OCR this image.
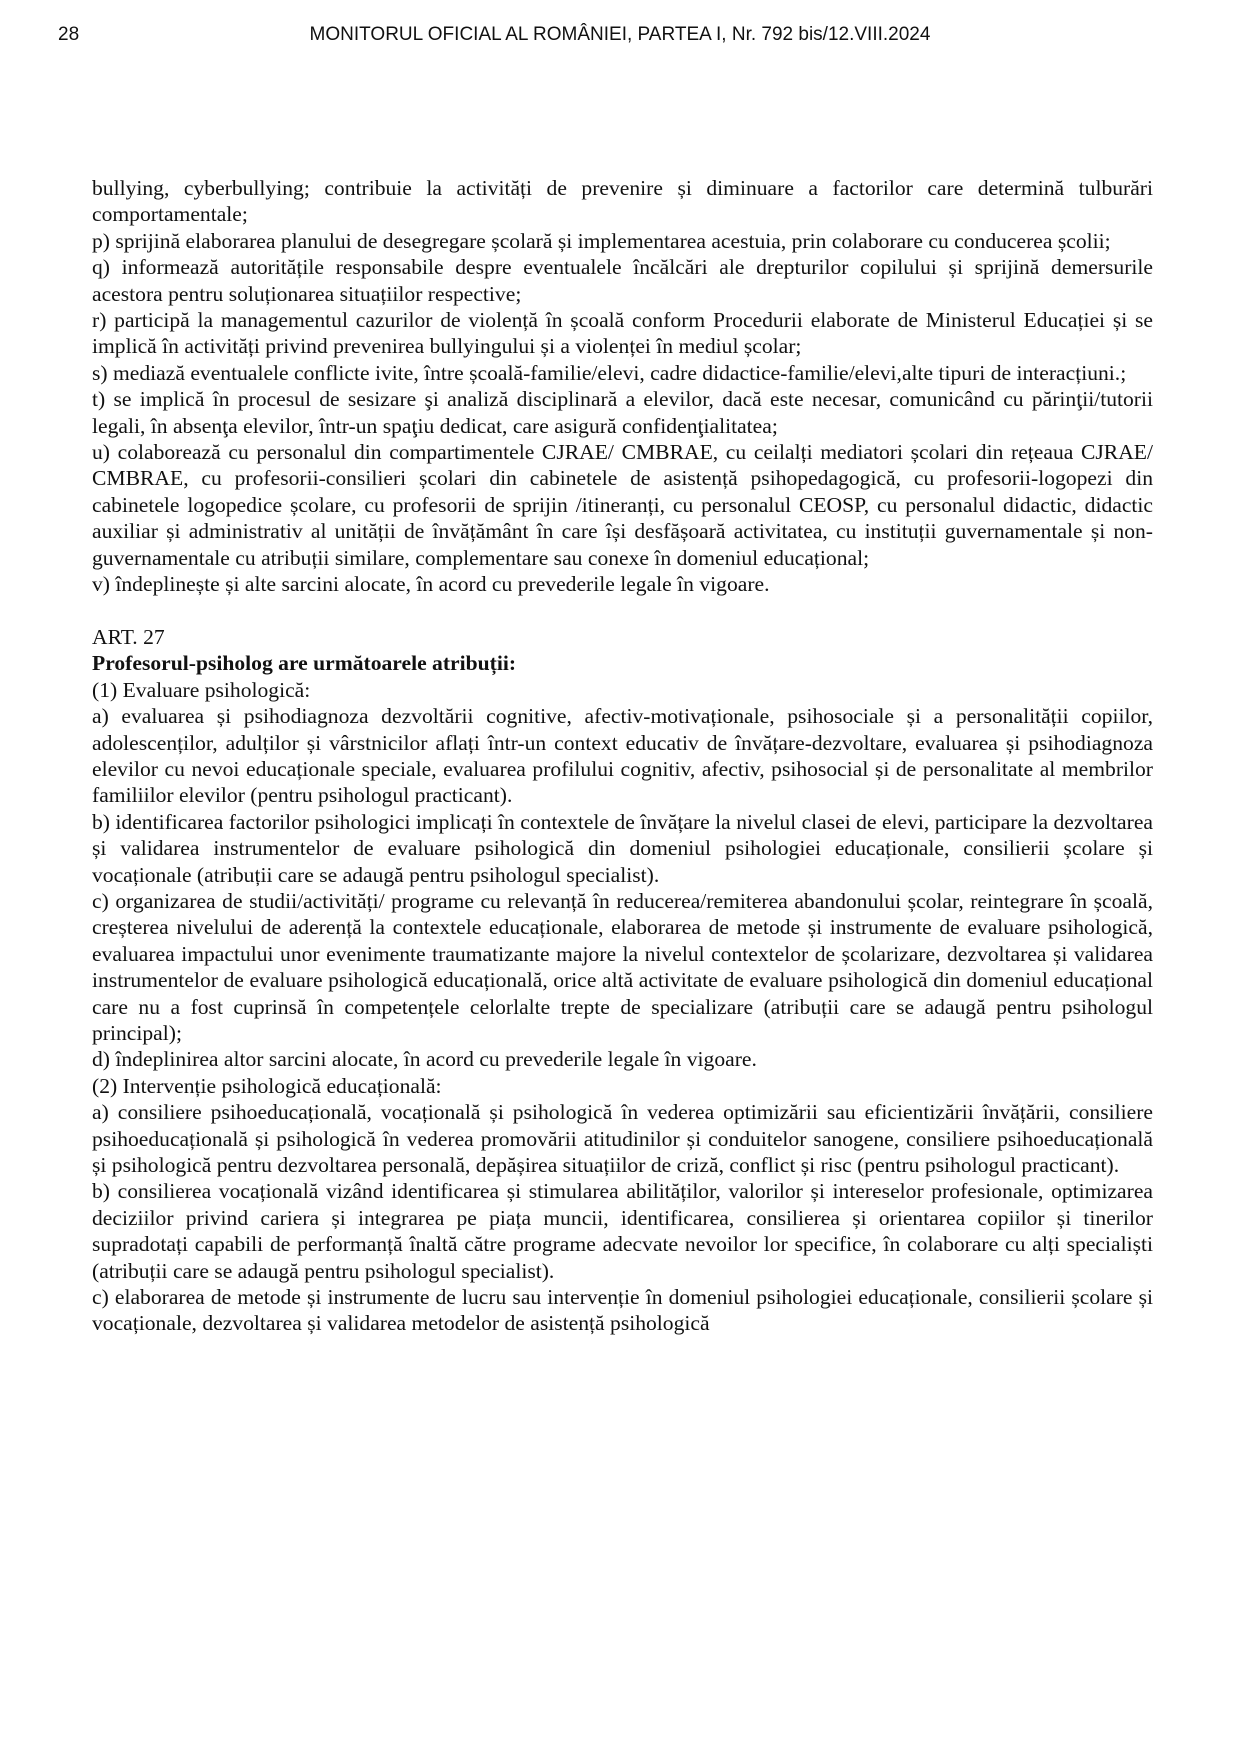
28	MONITORUL OFICIAL AL ROMÂNIEI, PARTEA I, Nr. 792 bis/12.VIII.2024

bullying, cyberbullying; contribuie la activități de prevenire și diminuare a factorilor care determină tulburări comportamentale;

p) sprijină elaborarea planului de desegregare școlară și implementarea acestuia, prin colaborare cu conducerea școlii;

q) informează autoritățile responsabile despre eventualele încălcări ale drepturilor copilului și sprijină demersurile acestora pentru soluționarea situațiilor respective;

r) participă la managementul cazurilor de violență în școală conform Procedurii elaborate de Ministerul Educației și se implică în activități privind prevenirea bullyingului și a violenței în mediul școlar;

s) mediază eventualele conflicte ivite, între școală-familie/elevi, cadre didactice-familie/elevi,alte tipuri de interacțiuni.;

t) se implică în procesul de sesizare şi analiză disciplinară a elevilor, dacă este necesar, comunicând cu părinţii/tutorii legali, în absenţa elevilor, într-un spaţiu dedicat, care asigură confidenţialitatea;

u) colaborează cu personalul din compartimentele CJRAE/ CMBRAE, cu ceilalți mediatori școlari din rețeaua CJRAE/ CMBRAE, cu profesorii-consilieri școlari din cabinetele de asistență psihopedagogică, cu profesorii-logopezi din cabinetele logopedice școlare, cu profesorii de sprijin /itineranți, cu personalul CEOSP, cu personalul didactic, didactic auxiliar și administrativ al unității de învățământ în care își desfășoară activitatea, cu instituții guvernamentale și non-guvernamentale cu atribuții similare, complementare sau conexe în domeniul educațional;

v) îndeplinește și alte sarcini alocate, în acord cu prevederile legale în vigoare.

ART. 27

Profesorul-psiholog are următoarele atribuții:

(1) Evaluare psihologică:

a) evaluarea și psihodiagnoza dezvoltării cognitive, afectiv-motivaționale, psihosociale și a personalității copiilor, adolescenților, adulților și vârstnicilor aflați într-un context educativ de învățare-dezvoltare, evaluarea și psihodiagnoza elevilor cu nevoi educaționale speciale, evaluarea profilului cognitiv, afectiv, psihosocial și de personalitate al membrilor familiilor elevilor (pentru psihologul practicant).

b) identificarea factorilor psihologici implicați în contextele de învățare la nivelul clasei de elevi, participare la dezvoltarea și validarea instrumentelor de evaluare psihologică din domeniul psihologiei educaționale, consilierii școlare și vocaționale (atribuții care se adaugă pentru psihologul specialist).

c) organizarea de studii/activități/ programe cu relevanță în reducerea/remiterea abandonului școlar, reintegrare în școală, creșterea nivelului de aderență la contextele educaționale, elaborarea de metode și instrumente de evaluare psihologică, evaluarea impactului unor evenimente traumatizante majore la nivelul contextelor de școlarizare, dezvoltarea și validarea instrumentelor de evaluare psihologică educațională, orice altă activitate de evaluare psihologică din domeniul educațional care nu a fost cuprinsă în competențele celorlalte trepte de specializare (atribuții care se adaugă pentru psihologul principal);

d) îndeplinirea altor sarcini alocate, în acord cu prevederile legale în vigoare.

(2) Intervenție psihologică educațională:

a) consiliere psihoeducațională, vocațională și psihologică în vederea optimizării sau eficientizării învățării, consiliere psihoeducațională și psihologică în vederea promovării atitudinilor și conduitelor sanogene, consiliere psihoeducațională și psihologică pentru dezvoltarea personală, depășirea situațiilor de criză, conflict și risc (pentru psihologul practicant).

b) consilierea vocațională vizând identificarea și stimularea abilităților, valorilor și intereselor profesionale, optimizarea deciziilor privind cariera și integrarea pe piața muncii, identificarea, consilierea și orientarea copiilor și tinerilor supradotați capabili de performanță înaltă către programe adecvate nevoilor lor specifice, în colaborare cu alți specialiști (atribuții care se adaugă pentru psihologul specialist).

c) elaborarea de metode și instrumente de lucru sau intervenție în domeniul psihologiei educaționale, consilierii școlare și vocaționale, dezvoltarea și validarea metodelor de asistență psihologică
